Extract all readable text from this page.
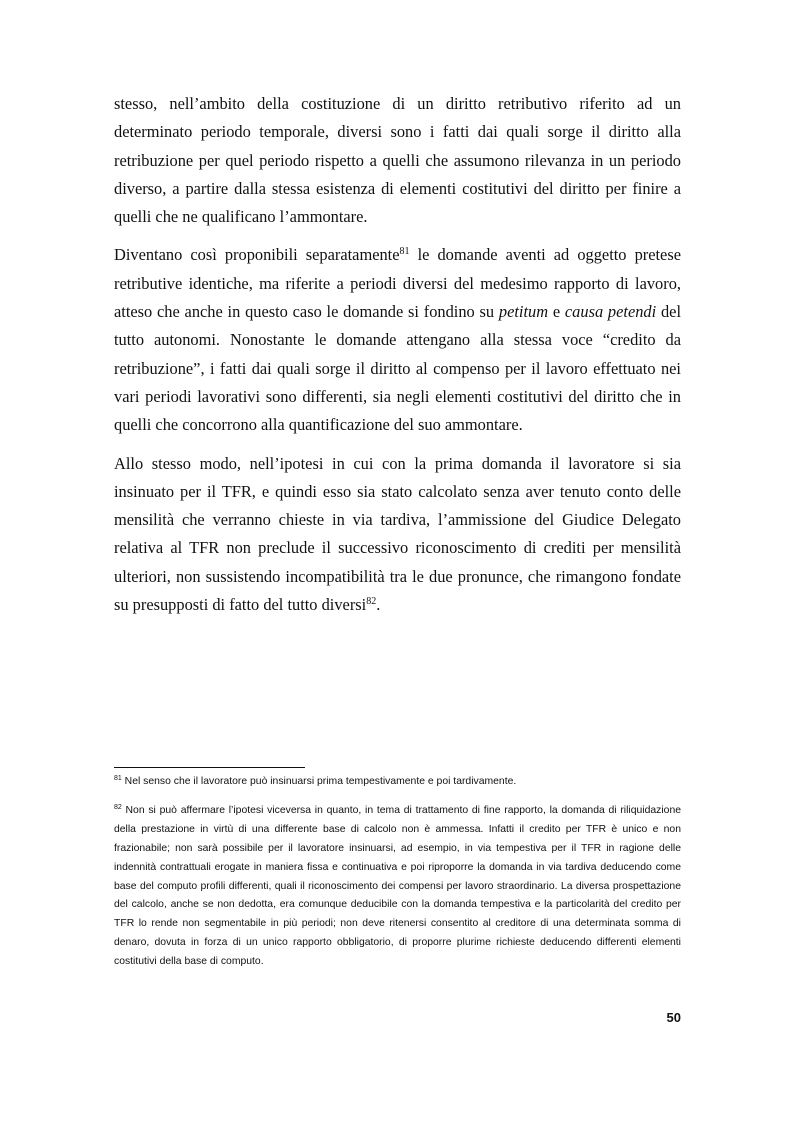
stesso, nell’ambito della costituzione di un diritto retributivo riferito ad un determinato periodo temporale, diversi sono i fatti dai quali sorge il diritto alla retribuzione per quel periodo rispetto a quelli che assumono rilevanza in un periodo diverso, a partire dalla stessa esistenza di elementi costitutivi del diritto per finire a quelli che ne qualificano l’ammontare.

Diventano così proponibili separatamente$^{81}$ le domande aventi ad oggetto pretese retributive identiche, ma riferite a periodi diversi del medesimo rapporto di lavoro, atteso che anche in questo caso le domande si fondino su petitum e causa petendi del tutto autonomi. Nonostante le domande attengano alla stessa voce “credito da retribuzione”, i fatti dai quali sorge il diritto al compenso per il lavoro effettuato nei vari periodi lavorativi sono differenti, sia negli elementi costitutivi del diritto che in quelli che concorrono alla quantificazione del suo ammontare.

Allo stesso modo, nell’ipotesi in cui con la prima domanda il lavoratore si sia insinuato per il TFR, e quindi esso sia stato calcolato senza aver tenuto conto delle mensilità che verranno chieste in via tardiva, l’ammissione del Giudice Delegato relativa al TFR non preclude il successivo riconoscimento di crediti per mensilità ulteriori, non sussistendo incompatibilità tra le due pronunce, che rimangono fondate su presupposti di fatto del tutto diversi$^{82}$.

$^{81}$ Nel senso che il lavoratore può insinuarsi prima tempestivamente e poi tardivamente.

$^{82}$ Non si può affermare l’ipotesi viceversa in quanto, in tema di trattamento di fine rapporto, la domanda di riliquidazione della prestazione in virtù di una differente base di calcolo non è ammessa. Infatti il credito per TFR è unico e non frazionabile; non sarà possibile per il lavoratore insinuarsi, ad esempio, in via tempestiva per il TFR in ragione delle indennità contrattuali erogate in maniera fissa e continuativa e poi riproporre la domanda in via tardiva deducendo come base del computo profili differenti, quali il riconoscimento dei compensi per lavoro straordinario. La diversa prospettazione del calcolo, anche se non dedotta, era comunque deducibile con la domanda tempestiva e la particolarità del credito per TFR lo rende non segmentabile in più periodi; non deve ritenersi consentito al creditore di una determinata somma di denaro, dovuta in forza di un unico rapporto obbligatorio, di proporre plurime richieste deducendo differenti elementi costitutivi della base di computo.

50
